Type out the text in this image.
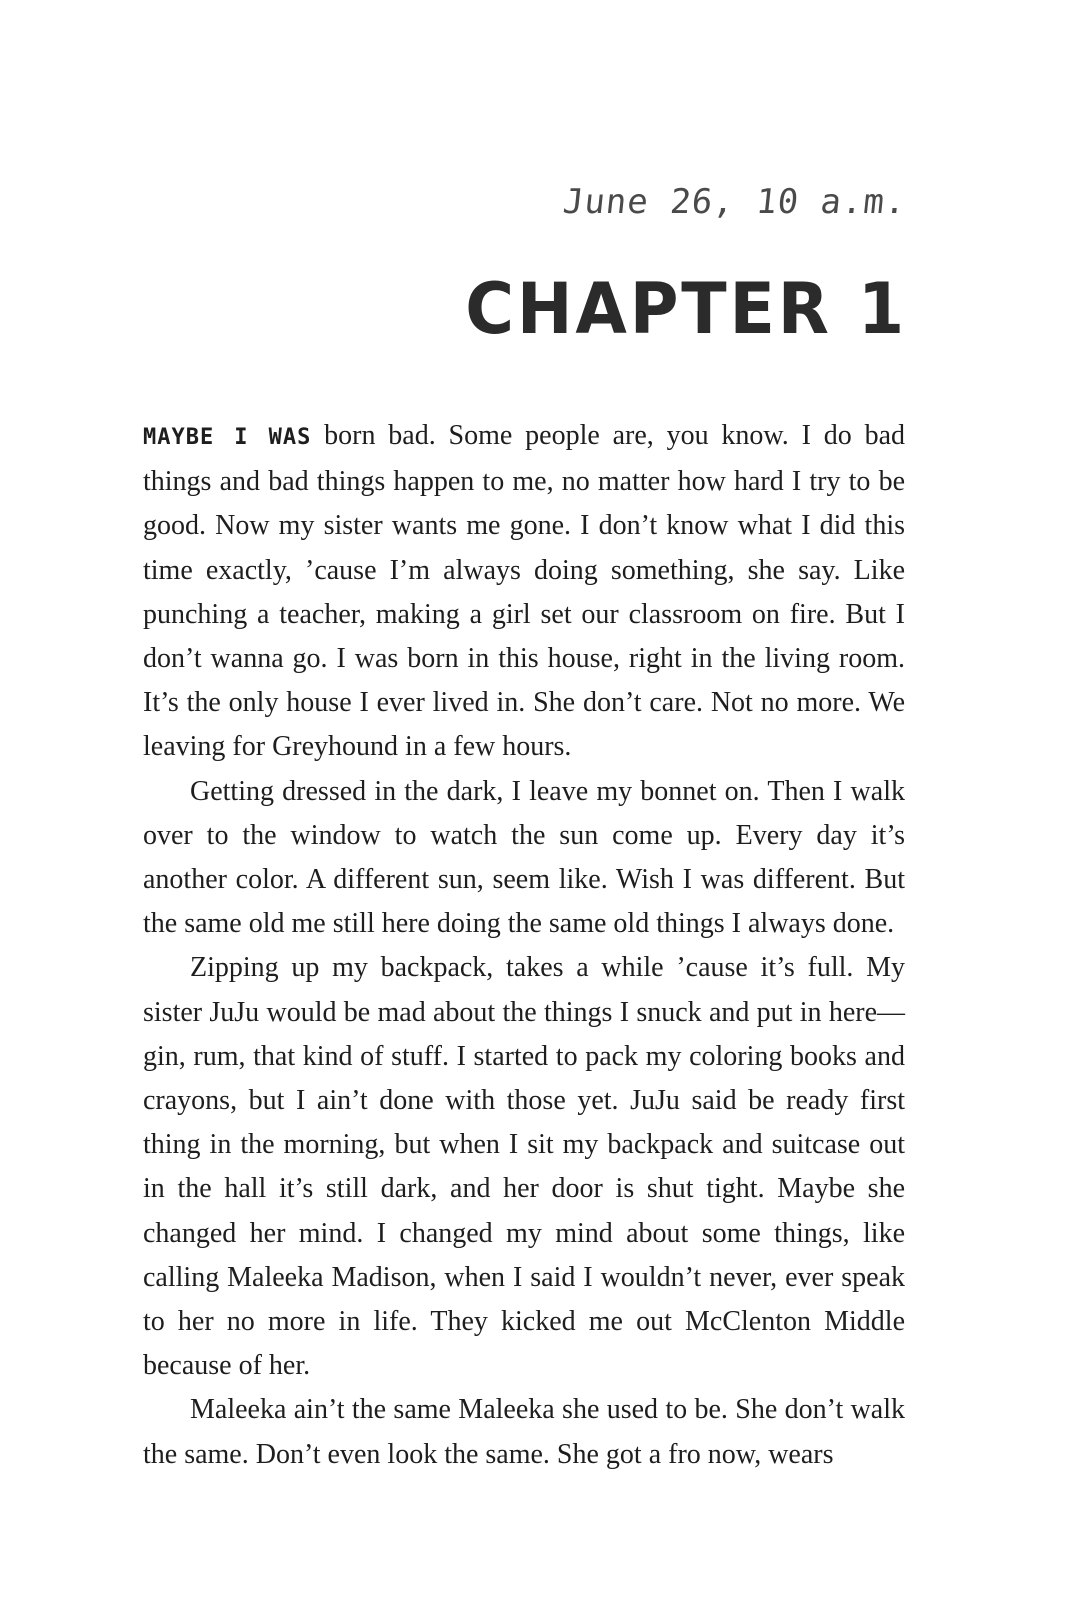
June 26, 10 a.m.
CHAPTER 1

MAYBE I WAS born bad. Some people are, you know. I do bad things and bad things happen to me, no matter how hard I try to be good. Now my sister wants me gone. I don’t know what I did this time exactly, ’cause I’m always doing something, she say. Like punching a teacher, making a girl set our classroom on fire. But I don’t wanna go. I was born in this house, right in the living room. It’s the only house I ever lived in. She don’t care. Not no more. We leaving for Greyhound in a few hours.

Getting dressed in the dark, I leave my bonnet on. Then I walk over to the window to watch the sun come up. Every day it’s another color. A different sun, seem like. Wish I was different. But the same old me still here doing the same old things I always done.

Zipping up my backpack, takes a while ’cause it’s full. My sister JuJu would be mad about the things I snuck and put in here—gin, rum, that kind of stuff. I started to pack my coloring books and crayons, but I ain’t done with those yet. JuJu said be ready first thing in the morning, but when I sit my backpack and suitcase out in the hall it’s still dark, and her door is shut tight. Maybe she changed her mind. I changed my mind about some things, like calling Maleeka Madison, when I said I wouldn’t never, ever speak to her no more in life. They kicked me out McClenton Middle because of her.

Maleeka ain’t the same Maleeka she used to be. She don’t walk the same. Don’t even look the same. She got a fro now, wears
